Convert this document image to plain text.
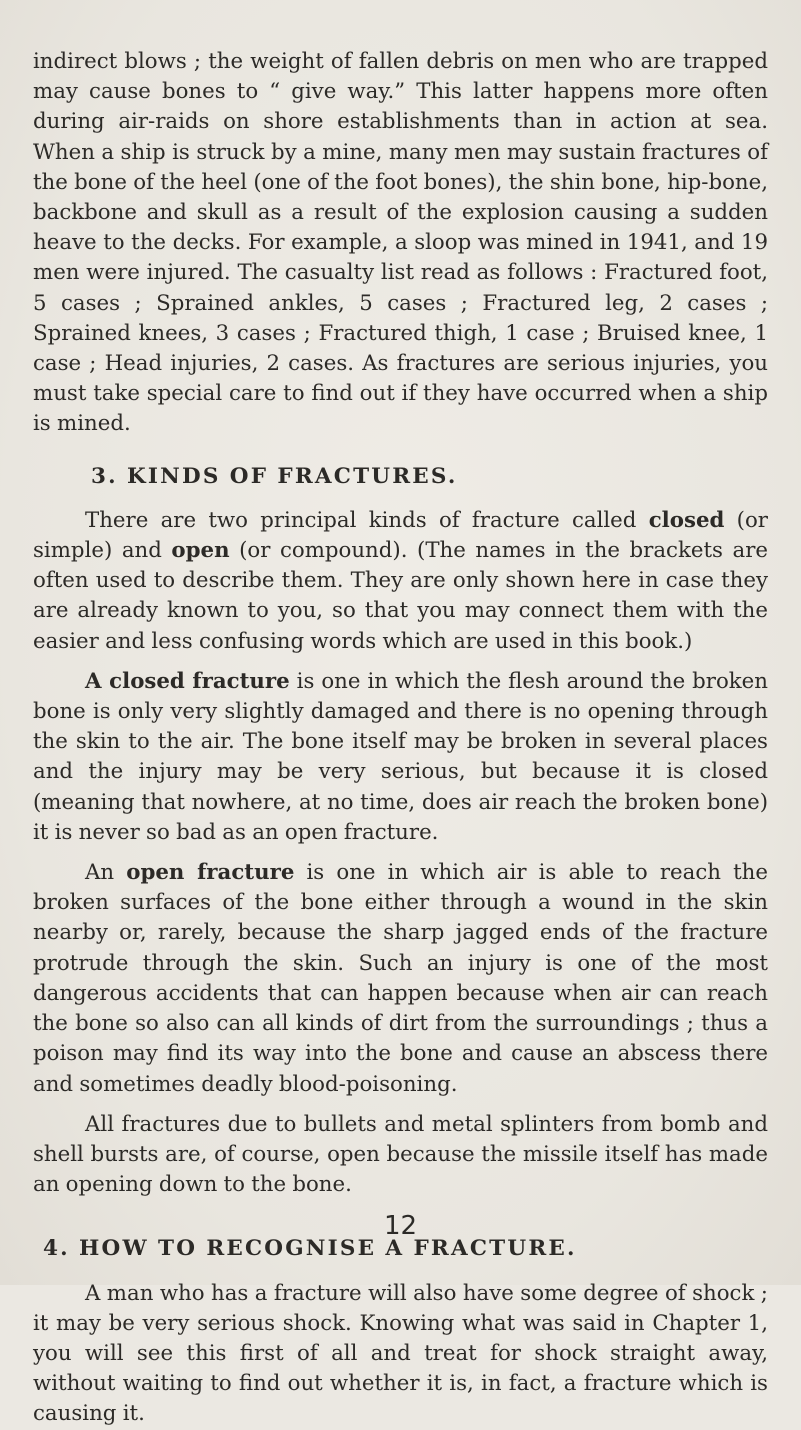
indirect blows ; the weight of fallen debris on men who are trapped may cause bones to “ give way.” This latter happens more often during air-raids on shore establishments than in action at sea. When a ship is struck by a mine, many men may sustain fractures of the bone of the heel (one of the foot bones), the shin bone, hip-bone, backbone and skull as a result of the explosion causing a sudden heave to the decks. For example, a sloop was mined in 1941, and 19 men were injured. The casualty list read as follows : Fractured foot, 5 cases ; Sprained ankles, 5 cases ; Fractured leg, 2 cases ; Sprained knees, 3 cases ; Fractured thigh, 1 case ; Bruised knee, 1 case ; Head injuries, 2 cases. As fractures are serious injuries, you must take special care to find out if they have occurred when a ship is mined.

3. KINDS OF FRACTURES.

There are two principal kinds of fracture called closed (or simple) and open (or compound). (The names in the brackets are often used to describe them. They are only shown here in case they are already known to you, so that you may connect them with the easier and less confusing words which are used in this book.)

A closed fracture is one in which the flesh around the broken bone is only very slightly damaged and there is no opening through the skin to the air. The bone itself may be broken in several places and the injury may be very serious, but because it is closed (meaning that nowhere, at no time, does air reach the broken bone) it is never so bad as an open fracture.

An open fracture is one in which air is able to reach the broken surfaces of the bone either through a wound in the skin nearby or, rarely, because the sharp jagged ends of the fracture protrude through the skin. Such an injury is one of the most dangerous accidents that can happen because when air can reach the bone so also can all kinds of dirt from the surroundings ; thus a poison may find its way into the bone and cause an abscess there and sometimes deadly blood-poisoning.

All fractures due to bullets and metal splinters from bomb and shell bursts are, of course, open because the missile itself has made an opening down to the bone.

4. HOW TO RECOGNISE A FRACTURE.

A man who has a fracture will also have some degree of shock ; it may be very serious shock. Knowing what was said in Chapter 1, you will see this first of all and treat for shock straight away, without waiting to find out whether it is, in fact, a fracture which is causing it.

12
